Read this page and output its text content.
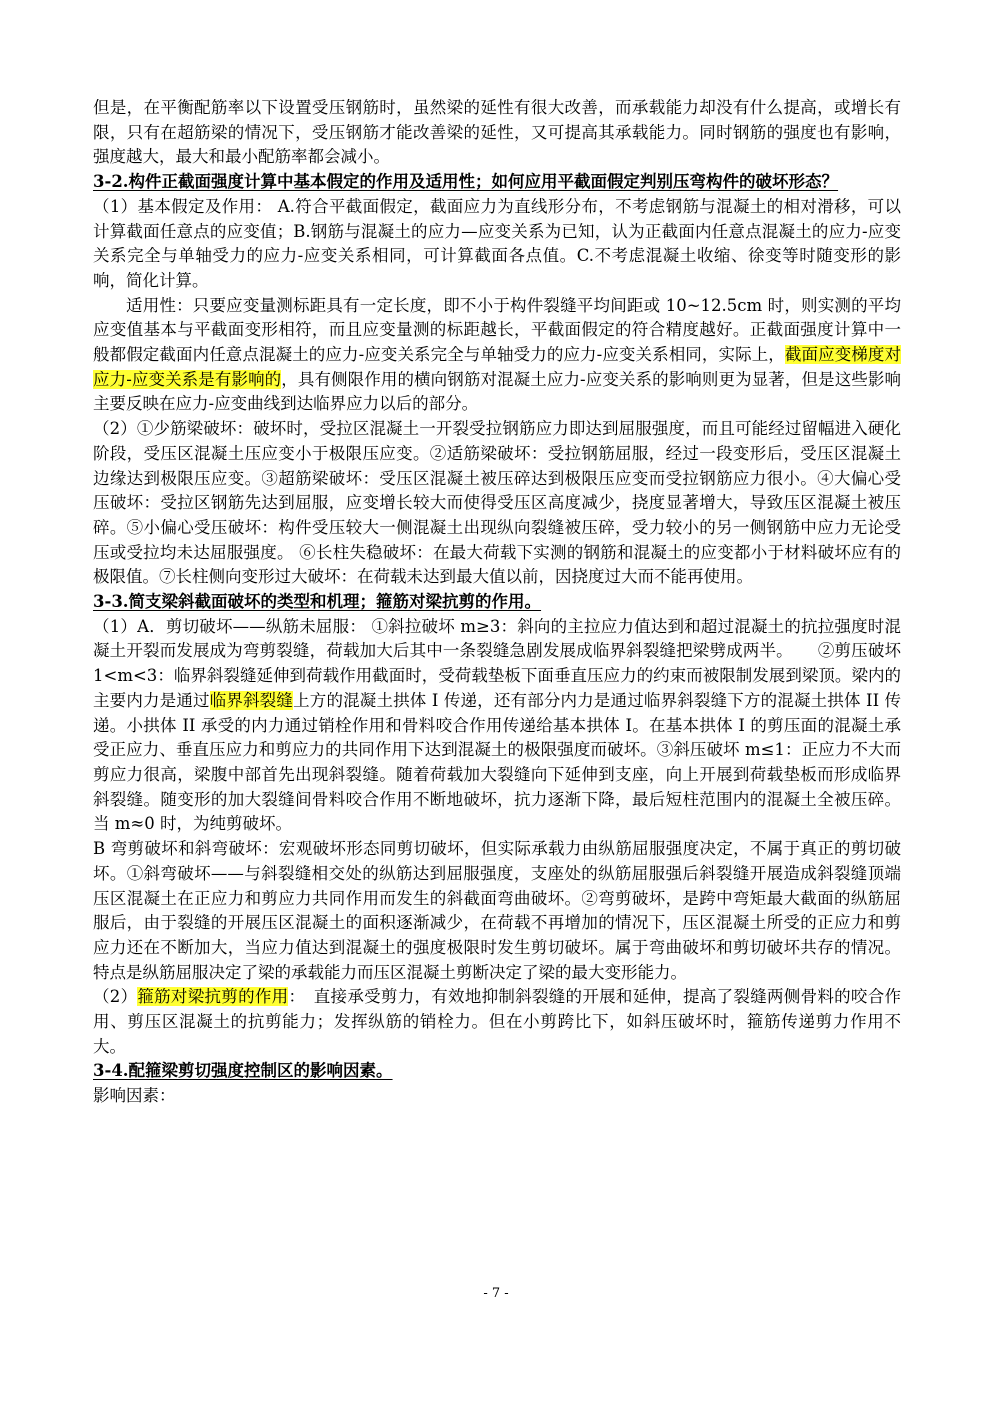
但是，在平衡配筋率以下设置受压钢筋时，虽然梁的延性有很大改善，而承载能力却没有什么提高，或增长有限，只有在超筋梁的情况下，受压钢筋才能改善梁的延性，又可提高其承载能力。同时钢筋的强度也有影响，强度越大，最大和最小配筋率都会减小。

3-2.构件正截面强度计算中基本假定的作用及适用性；如何应用平截面假定判别压弯构件的破坏形态？

（1）基本假定及作用： A.符合平截面假定，截面应力为直线形分布，不考虑钢筋与混凝土的相对滑移，可以计算截面任意点的应变值；B.钢筋与混凝土的应力—应变关系为已知，认为正截面内任意点混凝土的应力-应变关系完全与单轴受力的应力-应变关系相同，可计算截面各点值。C.不考虑混凝土收缩、徐变等时随变形的影响，简化计算。

适用性：只要应变量测标距具有一定长度，即不小于构件裂缝平均间距或 10~12.5cm 时，则实测的平均应变值基本与平截面变形相符，而且应变量测的标距越长，平截面假定的符合精度越好。正截面强度计算中一般都假定截面内任意点混凝土的应力-应变关系完全与单轴受力的应力-应变关系相同，实际上，截面应变梯度对应力-应变关系是有影响的，具有侧限作用的横向钢筋对混凝土应力-应变关系的影响则更为显著，但是这些影响主要反映在应力-应变曲线到达临界应力以后的部分。

（2）①少筋梁破坏：破坏时，受拉区混凝土一开裂受拉钢筋应力即达到屈服强度，而且可能经过留幅进入硬化阶段，受压区混凝土压应变小于极限压应变。②适筋梁破坏：受拉钢筋屈服，经过一段变形后，受压区混凝土边缘达到极限压应变。③超筋梁破坏：受压区混凝土被压碎达到极限压应变而受拉钢筋应力很小。④大偏心受压破坏：受拉区钢筋先达到屈服，应变增长较大而使得受压区高度减少，挠度显著增大，导致压区混凝土被压碎。⑤小偏心受压破坏：构件受压较大一侧混凝土出现纵向裂缝被压碎，受力较小的另一侧钢筋中应力无论受压或受拉均未达屈服强度。 ⑥长柱失稳破坏：在最大荷载下实测的钢筋和混凝土的应变都小于材料破坏应有的极限值。⑦长柱侧向变形过大破坏：在荷载未达到最大值以前，因挠度过大而不能再使用。

3-3.简支梁斜截面破坏的类型和机理；箍筋对梁抗剪的作用。

（1）A．剪切破坏——纵筋未屈服： ①斜拉破坏 m≥3：斜向的主拉应力值达到和超过混凝土的抗拉强度时混凝土开裂而发展成为弯剪裂缝，荷载加大后其中一条裂缝急剧发展成临界斜裂缝把梁劈成两半。　　②剪压破坏 1<m<3：临界斜裂缝延伸到荷载作用截面时，受荷载垫板下面垂直压应力的约束而被限制发展到梁顶。梁内的主要内力是通过临界斜裂缝上方的混凝土拱体 I 传递，还有部分内力是通过临界斜裂缝下方的混凝土拱体 II 传递。小拱体 II 承受的内力通过销栓作用和骨料咬合作用传递给基本拱体 I。在基本拱体 I 的剪压面的混凝土承受正应力、垂直压应力和剪应力的共同作用下达到混凝土的极限强度而破坏。③斜压破坏 m≤1：正应力不大而剪应力很高，梁腹中部首先出现斜裂缝。随着荷载加大裂缝向下延伸到支座，向上开展到荷载垫板而形成临界斜裂缝。随变形的加大裂缝间骨料咬合作用不断地破坏，抗力逐渐下降，最后短柱范围内的混凝土全被压碎。当 m≈0 时，为纯剪破坏。

B 弯剪破坏和斜弯破坏：宏观破坏形态同剪切破坏，但实际承载力由纵筋屈服强度决定，不属于真正的剪切破坏。①斜弯破坏——与斜裂缝相交处的纵筋达到屈服强度，支座处的纵筋屈服强后斜裂缝开展造成斜裂缝顶端压区混凝土在正应力和剪应力共同作用而发生的斜截面弯曲破坏。②弯剪破坏，是跨中弯矩最大截面的纵筋屈服后，由于裂缝的开展压区混凝土的面积逐渐减少，在荷载不再增加的情况下，压区混凝土所受的正应力和剪应力还在不断加大，当应力值达到混凝土的强度极限时发生剪切破坏。属于弯曲破坏和剪切破坏共存的情况。特点是纵筋屈服决定了梁的承载能力而压区混凝土剪断决定了梁的最大变形能力。

（2）箍筋对梁抗剪的作用：　直接承受剪力，有效地抑制斜裂缝的开展和延伸，提高了裂缝两侧骨料的咬合作用、剪压区混凝土的抗剪能力；发挥纵筋的销栓力。但在小剪跨比下，如斜压破坏时，箍筋传递剪力作用不大。

3-4.配箍梁剪切强度控制区的影响因素。

影响因素：

- 7 -
